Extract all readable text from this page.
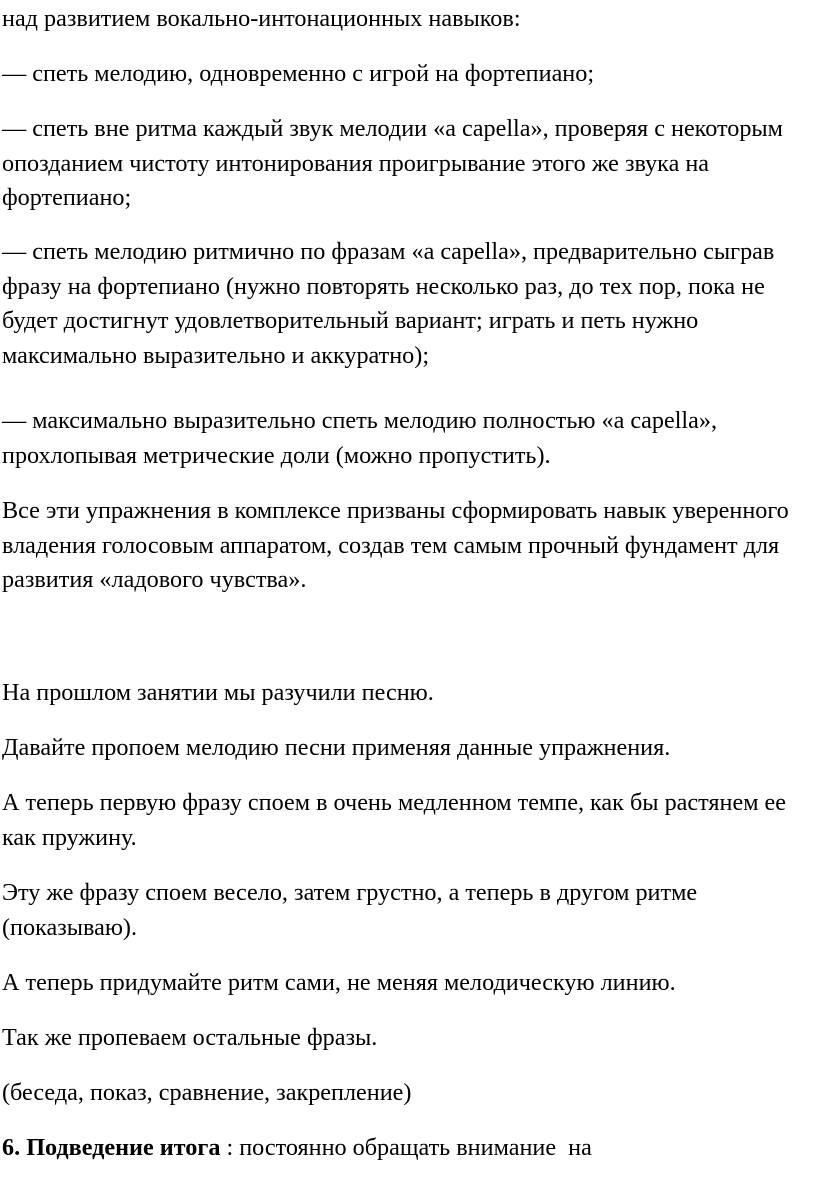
над развитием вокально-интонационных навыков:

— спеть мелодию, одновременно с игрой на фортепиано;

— спеть вне ритма каждый звук мелодии «a capella», проверяя с некоторым опозданием чистоту интонирования проигрывание этого же звука на фортепиано;

— спеть мелодию ритмично по фразам «a capella», предварительно сыграв фразу на фортепиано (нужно повторять несколько раз, до тех пор, пока не будет достигнут удовлетворительный вариант; играть и петь нужно максимально выразительно и аккуратно);

— максимально выразительно спеть мелодию полностью «a capella», прохлопывая метрические доли (можно пропустить).

Все эти упражнения в комплексе призваны сформировать навык уверенного владения голосовым аппаратом, создав тем самым прочный фундамент для развития «ладового чувства».

На прошлом занятии мы разучили песню.

Давайте пропоем мелодию песни применяя данные упражнения.

А теперь первую фразу споем в очень медленном темпе, как бы растянем ее как пружину.

Эту же фразу споем весело, затем грустно, а теперь в другом ритме (показываю).

А теперь придумайте ритм сами, не меняя мелодическую линию.

Так же пропеваем остальные фразы.

(беседа, показ, сравнение, закрепление)

6. Подведение итога : постоянно обращать внимание  на
